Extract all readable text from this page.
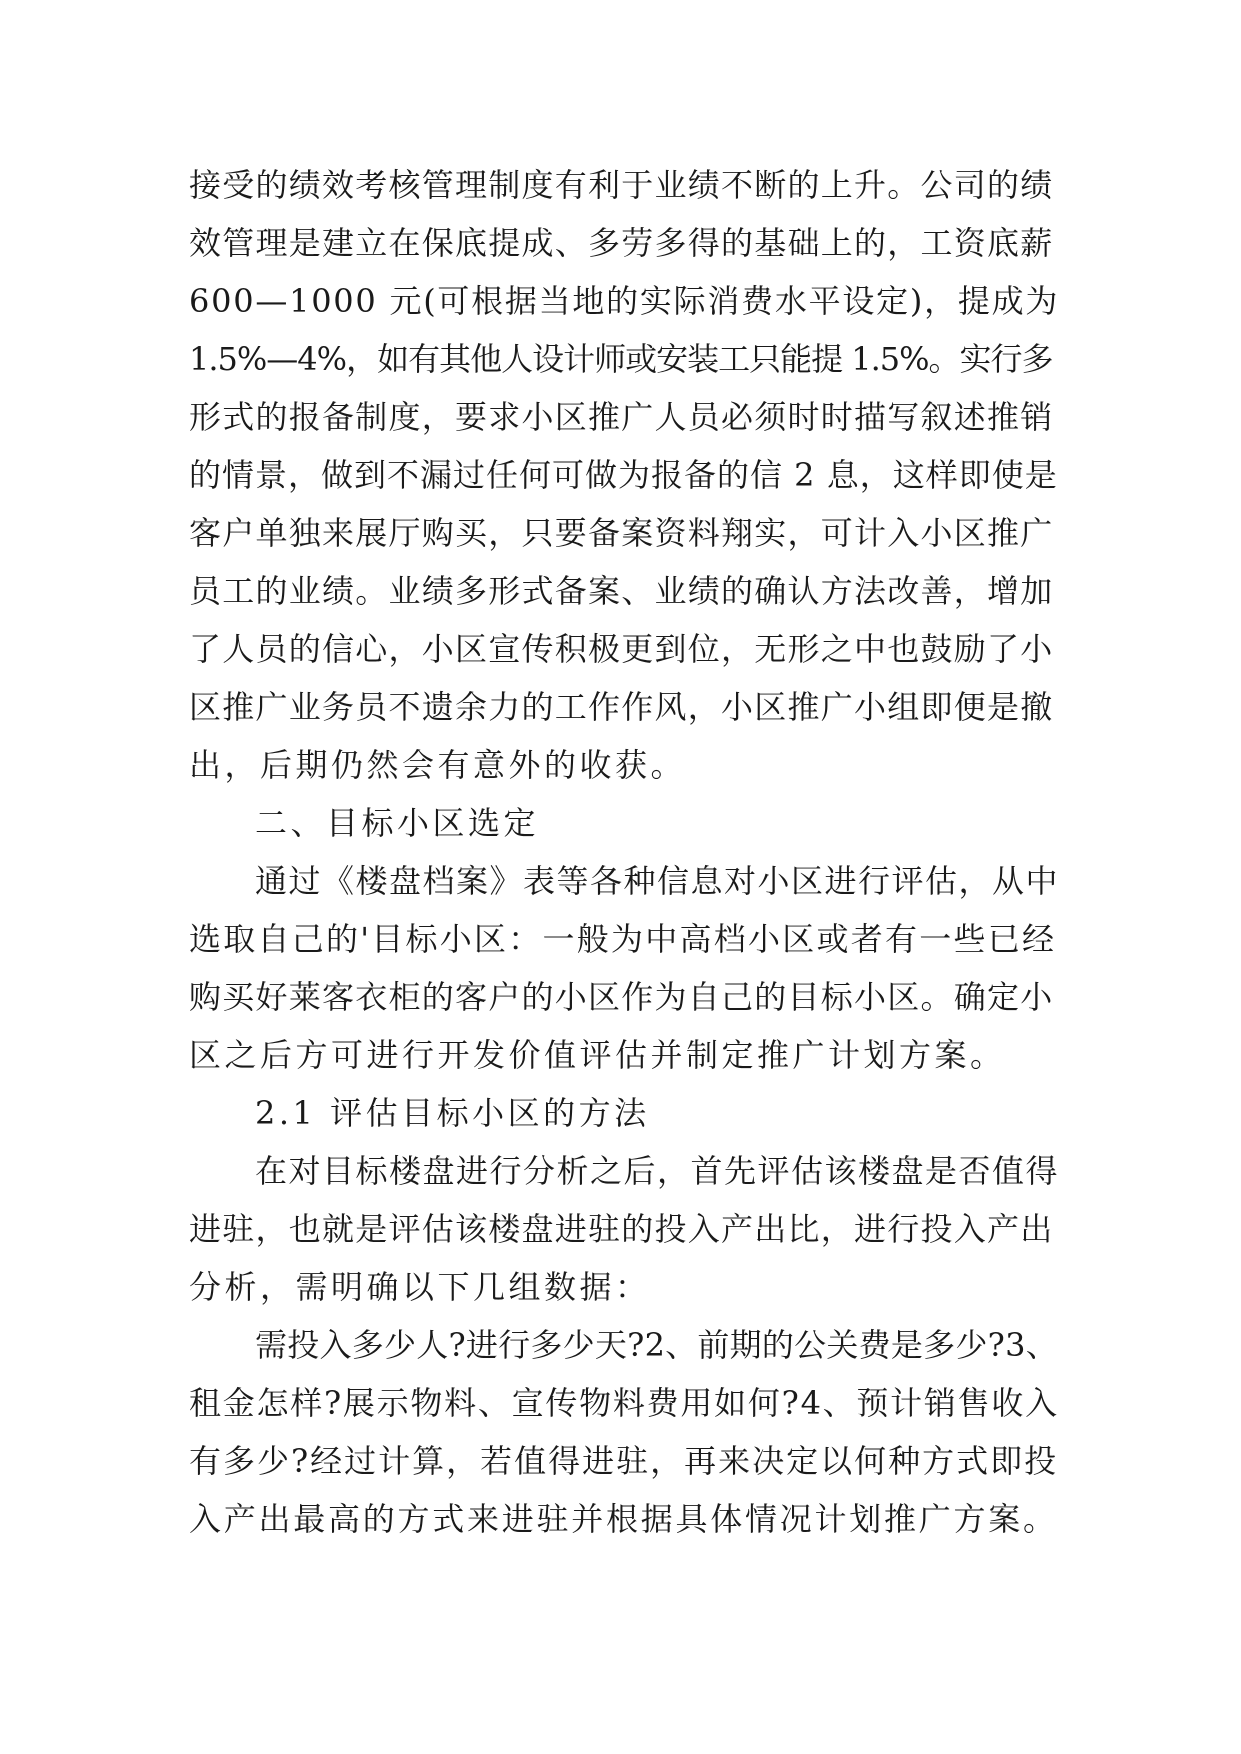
接受的绩效考核管理制度有利于业绩不断的上升。公司的绩
效管理是建立在保底提成、多劳多得的基础上的，工资底薪
600—1000 元(可根据当地的实际消费水平设定)，提成为
1.5%—4%，如有其他人设计师或安装工只能提 1.5%。实行多
形式的报备制度，要求小区推广人员必须时时描写叙述推销
的情景，做到不漏过任何可做为报备的信 2 息，这样即使是
客户单独来展厅购买，只要备案资料翔实，可计入小区推广
员工的业绩。业绩多形式备案、业绩的确认方法改善，增加
了人员的信心，小区宣传积极更到位，无形之中也鼓励了小
区推广业务员不遗余力的工作作风，小区推广小组即便是撤
出，后期仍然会有意外的收获。
二、目标小区选定
通过《楼盘档案》表等各种信息对小区进行评估，从中
选取自己的'目标小区：一般为中高档小区或者有一些已经
购买好莱客衣柜的客户的小区作为自己的目标小区。确定小
区之后方可进行开发价值评估并制定推广计划方案。
2.1 评估目标小区的方法
在对目标楼盘进行分析之后，首先评估该楼盘是否值得
进驻，也就是评估该楼盘进驻的投入产出比，进行投入产出
分析，需明确以下几组数据：
需投入多少人?进行多少天?2、前期的公关费是多少?3、
租金怎样?展示物料、宣传物料费用如何?4、预计销售收入
有多少?经过计算，若值得进驻，再来决定以何种方式即投
入产出最高的方式来进驻并根据具体情况计划推广方案。
